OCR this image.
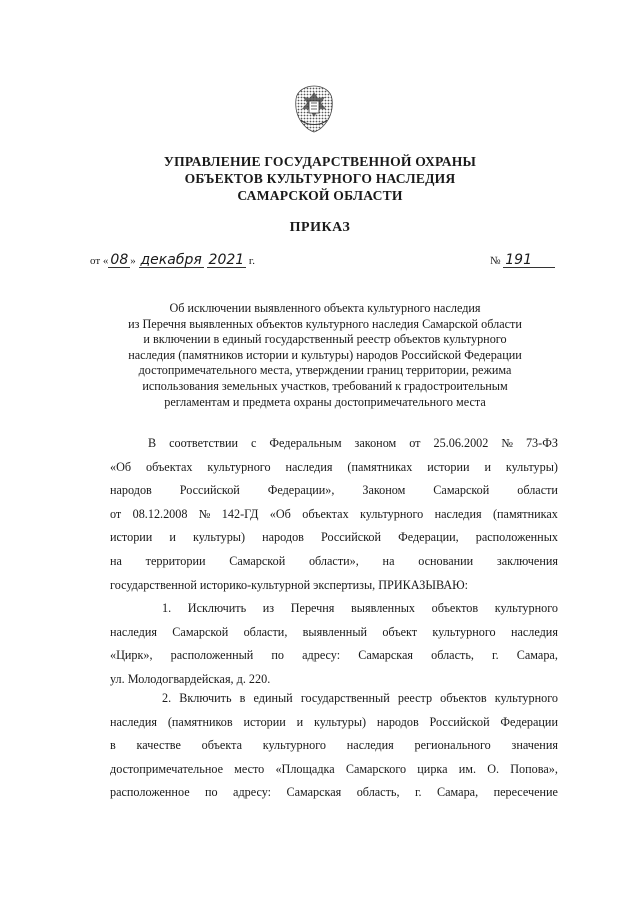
УПРАВЛЕНИЕ ГОСУДАРСТВЕННОЙ ОХРАНЫ
ОБЪЕКТОВ КУЛЬТУРНОГО НАСЛЕДИЯ
САМАРСКОЙ ОБЛАСТИ
ПРИКАЗ
от « 08 » декабря 2021 г.	№ 191
Об исключении выявленного объекта культурного наследия
из Перечня выявленных объектов культурного наследия Самарской области
и включении в единый государственный реестр объектов культурного
наследия (памятников истории и культуры) народов Российской Федерации
достопримечательного места, утверждении границ территории, режима
использования земельных участков, требований к градостроительным
регламентам и предмета охраны достопримечательного места
В соответствии с Федеральным законом от 25.06.2002 № 73-ФЗ
«Об объектах культурного наследия (памятниках истории и культуры)
народов Российской Федерации», Законом Самарской области
от 08.12.2008 № 142-ГД «Об объектах культурного наследия (памятниках
истории и культуры) народов Российской Федерации, расположенных
на территории Самарской области», на основании заключения
государственной историко-культурной экспертизы, ПРИКАЗЫВАЮ:
1. Исключить из Перечня выявленных объектов культурного
наследия Самарской области, выявленный объект культурного наследия
«Цирк», расположенный по адресу: Самарская область, г. Самара,
ул. Молодогвардейская, д. 220.
2. Включить в единый государственный реестр объектов культурного
наследия (памятников истории и культуры) народов Российской Федерации
в качестве объекта культурного наследия регионального значения
достопримечательное место «Площадка Самарского цирка им. О. Попова»,
расположенное по адресу: Самарская область, г. Самара, пересечение
